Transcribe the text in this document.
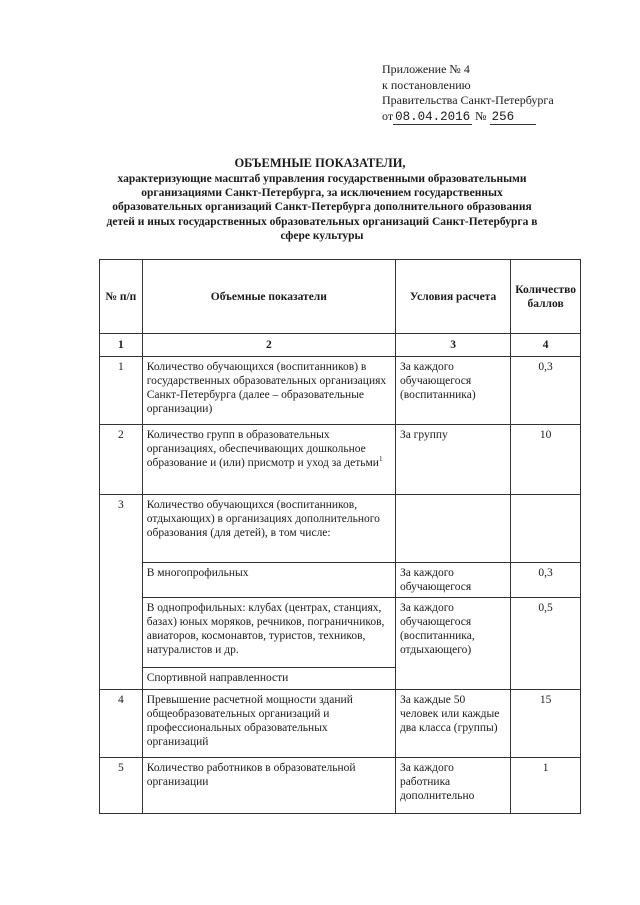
Приложение № 4
к постановлению
Правительства Санкт-Петербурга
от 08.04.2016 № 256
ОБЪЕМНЫЕ ПОКАЗАТЕЛИ,
характеризующие масштаб управления государственными образовательными организациями Санкт-Петербурга, за исключением государственных образовательных организаций Санкт-Петербурга дополнительного образования детей и иных государственных образовательных организаций Санкт-Петербурга в сфере культуры
№ п/п	Объемные показатели	Условия расчета	Количество баллов
1	2	3	4
1	Количество обучающихся (воспитанников) в государственных образовательных организациях Санкт-Петербурга (далее – образовательные организации)	За каждого обучающегося (воспитанника)	0,3
2	Количество групп в образовательных организациях, обеспечивающих дошкольное образование и (или) присмотр и уход за детьми$^1$	За группу	10
3	Количество обучающихся (воспитанников, отдыхающих) в организациях дополнительного образования (для детей), в том числе:		
	В многопрофильных	За каждого обучающегося	0,3
	В однопрофильных: клубах (центрах, станциях, базах) юных моряков, речников, пограничников, авиаторов, космонавтов, туристов, техников, натуралистов и др.	За каждого обучающегося (воспитанника, отдыхающего)	0,5
	Спортивной направленности		
4	Превышение расчетной мощности зданий общеобразовательных организаций и профессиональных образовательных организаций	За каждые 50 человек или каждые два класса (группы)	15
5	Количество работников в образовательной организации	За каждого работника дополнительно	1
